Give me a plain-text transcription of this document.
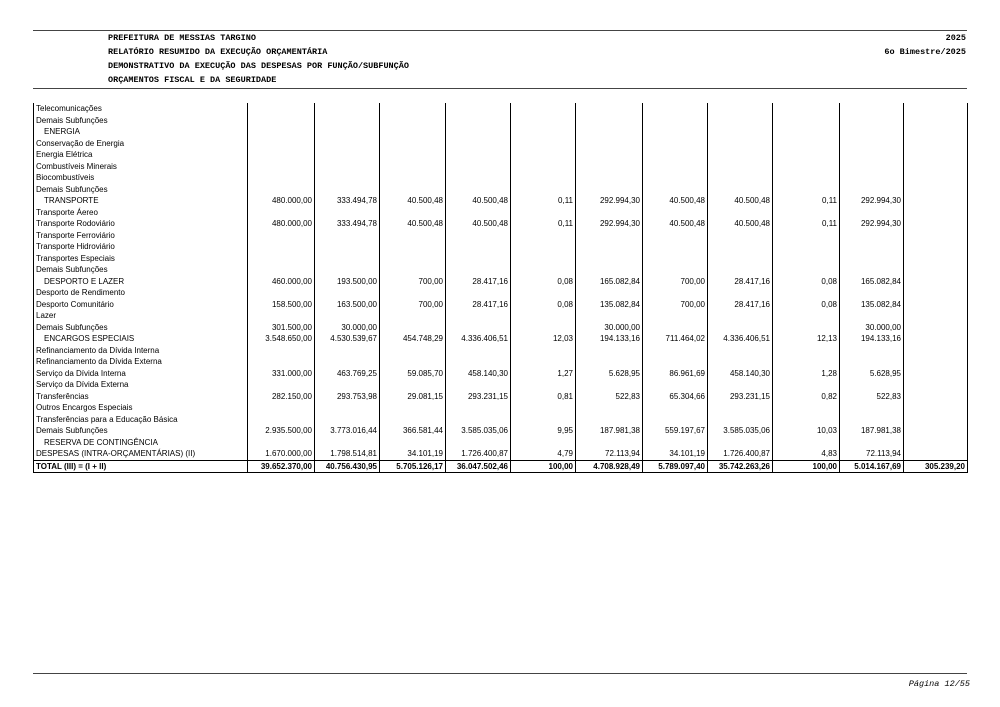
PREFEITURA DE MESSIAS TARGINO	2025
RELATÓRIO RESUMIDO DA EXECUÇÃO ORÇAMENTÁRIA	6o Bimestre/2025
DEMONSTRATIVO DA EXECUÇÃO DAS DESPESAS POR FUNÇÃO/SUBFUNÇÃO
ORÇAMENTOS FISCAL E DA SEGURIDADE
Telecomunicações											
Demais Subfunções											
ENERGIA											
Conservação de Energia											
Energia Elétrica											
Combustíveis Minerais											
Biocombustíveis											
Demais Subfunções											
TRANSPORTE	480.000,00	333.494,78	40.500,48	40.500,48	0,11	292.994,30	40.500,48	40.500,48	0,11	292.994,30	
Transporte Áereo											
Transporte Rodoviário	480.000,00	333.494,78	40.500,48	40.500,48	0,11	292.994,30	40.500,48	40.500,48	0,11	292.994,30	
Transporte Ferroviário											
Transporte Hidroviário											
Transportes Especiais											
Demais Subfunções											
DESPORTO E LAZER	460.000,00	193.500,00	700,00	28.417,16	0,08	165.082,84	700,00	28.417,16	0,08	165.082,84	
Desporto de Rendimento											
Desporto Comunitário	158.500,00	163.500,00	700,00	28.417,16	0,08	135.082,84	700,00	28.417,16	0,08	135.082,84	
Lazer											
Demais Subfunções	301.500,00	30.000,00				30.000,00				30.000,00	
ENCARGOS ESPECIAIS	3.548.650,00	4.530.539,67	454.748,29	4.336.406,51	12,03	194.133,16	711.464,02	4.336.406,51	12,13	194.133,16	
Refinanciamento da Dívida Interna											
Refinanciamento da Dívida Externa											
Serviço da Dívida Interna	331.000,00	463.769,25	59.085,70	458.140,30	1,27	5.628,95	86.961,69	458.140,30	1,28	5.628,95	
Serviço da Dívida Externa											
Transferências	282.150,00	293.753,98	29.081,15	293.231,15	0,81	522,83	65.304,66	293.231,15	0,82	522,83	
Outros Encargos Especiais											
Transferências para a Educação Básica											
Demais Subfunções	2.935.500,00	3.773.016,44	366.581,44	3.585.035,06	9,95	187.981,38	559.197,67	3.585.035,06	10,03	187.981,38	
RESERVA DE CONTINGÊNCIA											
DESPESAS (INTRA-ORÇAMENTÁRIAS) (II)	1.670.000,00	1.798.514,81	34.101,19	1.726.400,87	4,79	72.113,94	34.101,19	1.726.400,87	4,83	72.113,94	
TOTAL (III) = (I + II)	39.652.370,00	40.756.430,95	5.705.126,17	36.047.502,46	100,00	4.708.928,49	5.789.097,40	35.742.263,26	100,00	5.014.167,69	305.239,20
Página 12/55
